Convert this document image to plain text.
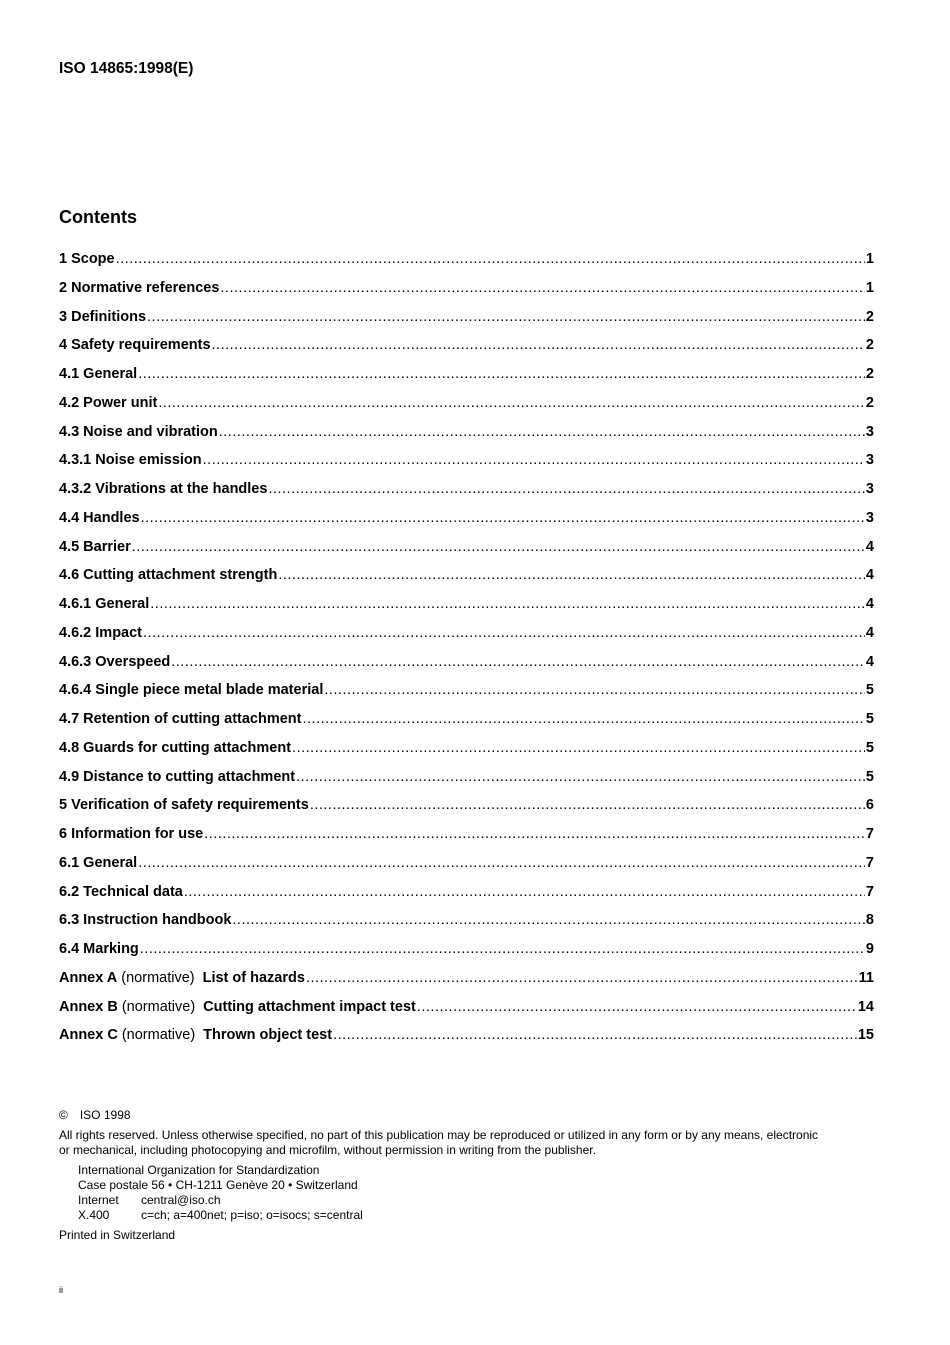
ISO 14865:1998(E)
Contents
1 Scope .....	1
2 Normative references .....	1
3 Definitions .....	2
4 Safety requirements .....	2
4.1 General .....	2
4.2 Power unit .....	2
4.3 Noise and vibration .....	3
4.3.1 Noise emission .....	3
4.3.2 Vibrations at the handles .....	3
4.4 Handles .....	3
4.5 Barrier .....	4
4.6 Cutting attachment strength .....	4
4.6.1 General .....	4
4.6.2 Impact .....	4
4.6.3 Overspeed .....	4
4.6.4 Single piece metal blade material .....	5
4.7 Retention of cutting attachment .....	5
4.8 Guards for cutting attachment .....	5
4.9 Distance to cutting attachment .....	5
5 Verification of safety requirements .....	6
6 Information for use .....	7
6.1 General .....	7
6.2 Technical data .....	7
6.3 Instruction handbook .....	8
6.4 Marking .....	9
Annex A (normative) List of hazards .....	11
Annex B (normative) Cutting attachment impact test .....	14
Annex C (normative) Thrown object test .....	15
© ISO 1998
All rights reserved. Unless otherwise specified, no part of this publication may be reproduced or utilized in any form or by any means, electronic
or mechanical, including photocopying and microfilm, without permission in writing from the publisher.
International Organization for Standardization
Case postale 56 • CH-1211 Genève 20 • Switzerland
Internet	central@iso.ch
X.400	c=ch; a=400net; p=iso; o=isocs; s=central
Printed in Switzerland
ii
